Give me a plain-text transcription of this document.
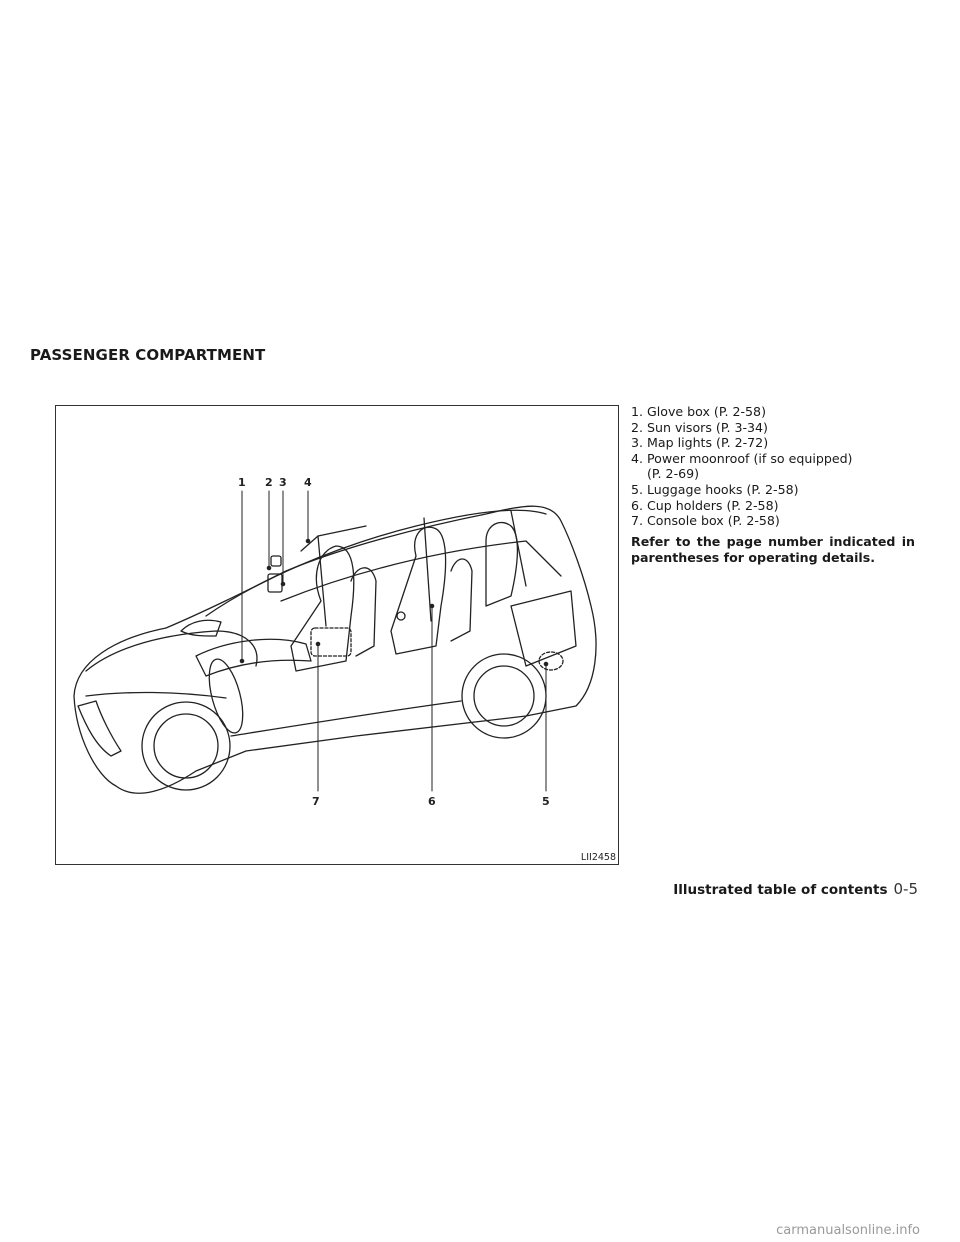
PASSENGER COMPARTMENT
1 2 3 4
5
6
7
LII2458
1. Glove box (P. 2-58)
2. Sun visors (P. 3-34)
3. Map lights (P. 2-72)
4. Power moonroof (if so equipped)
(P. 2-69)
5. Luggage hooks (P. 2-58)
6. Cup holders (P. 2-58)
7. Console box (P. 2-58)

Refer to the page number indicated in parentheses for operating details.

Illustrated table of contents 0-5
carmanualsonline.info
